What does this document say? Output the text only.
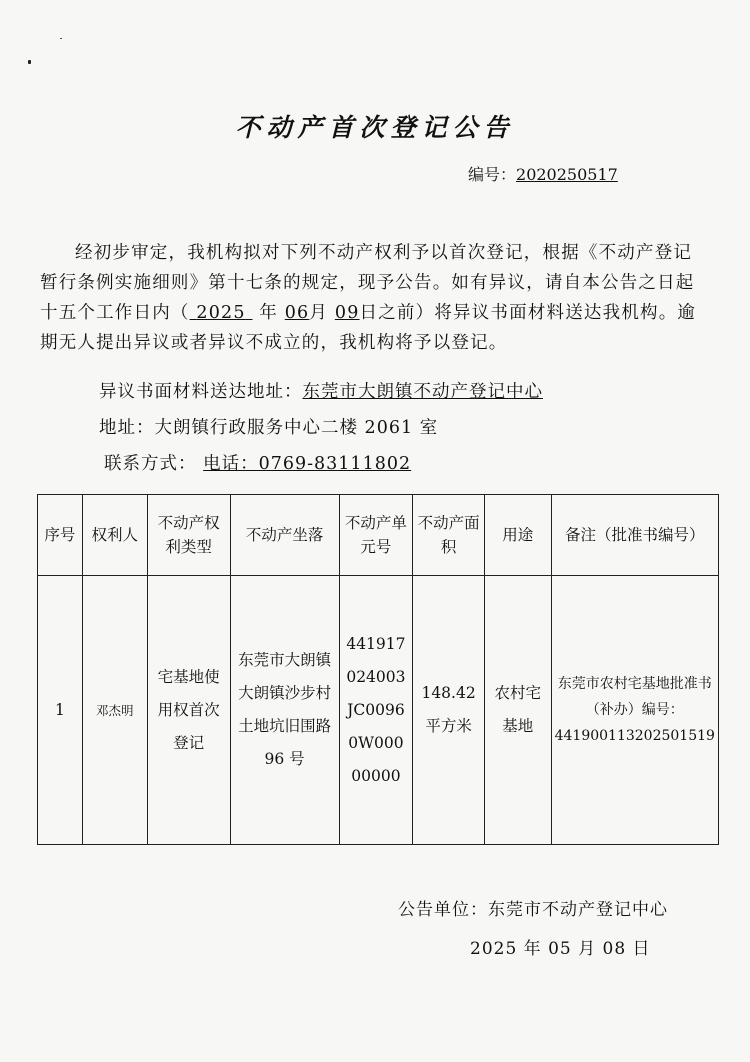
不动产首次登记公告
编号：2020250517

经初步审定，我机构拟对下列不动产权利予以首次登记，根据《不动产登记暂行条例实施细则》第十七条的规定，现予公告。如有异议，请自本公告之日起十五个工作日内（ 2025 年 06月 09日之前）将异议书面材料送达我机构。逾期无人提出异议或者异议不成立的，我机构将予以登记。

异议书面材料送达地址：东莞市大朗镇不动产登记中心
地址：大朗镇行政服务中心二楼 2061 室
联系方式： 电话：0769-83111802
序号	权利人	不动产权利类型	不动产坐落	不动产单元号	不动产面积	用途	备注（批准书编号）
1	邓杰明	宅基地使用权首次登记	东莞市大朗镇大朗镇沙步村土地坑旧围路 96 号	441917024003JC00960W00000000	148.42平方米	农村宅基地	东莞市农村宅基地批准书（补办）编号：441900113202501519
公告单位：东莞市不动产登记中心
2025 年 05 月 08 日
